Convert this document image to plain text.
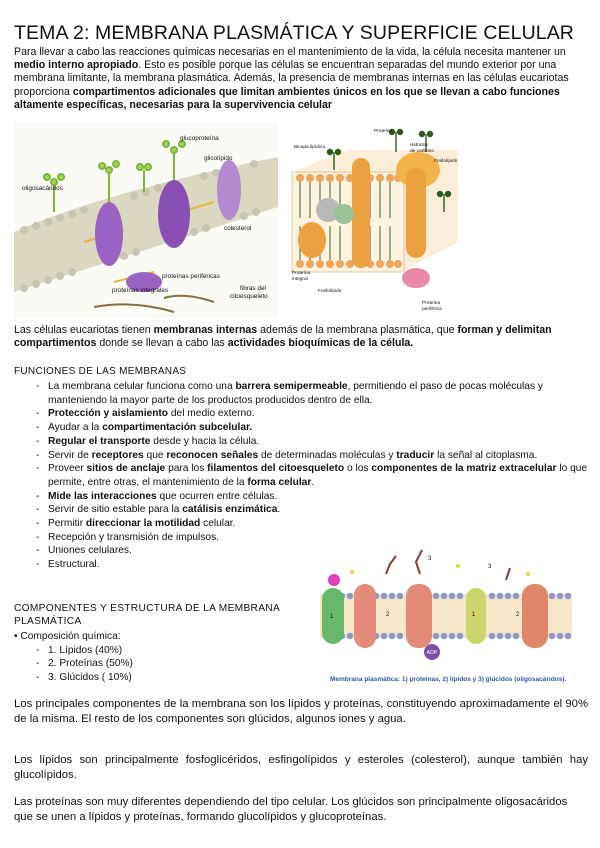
TEMA 2: MEMBRANA PLASMÁTICA Y SUPERFICIE CELULAR
Para llevar a cabo las reacciones químicas necesarias en el mantenimiento de la vida, la célula necesita mantener un medio interno apropiado. Esto es posible porque las células se encuentran separadas del mundo exterior por una membrana limitante, la membrana plasmática. Además, la presencia de membranas internas en las células eucariotas proporciona compartimentos adicionales que limitan ambientes únicos en los que se llevan a cabo funciones altamente específicas, necesarias para la supervivencia celular
glucoproteína
glicolípido
oligosacáridos
colesterol
proteínas periféricas
proteínas integrales	fibras del
citoesqueleto
Proteína
Bicapa lipídica	Hidratos
de carbono
Fosfolípido
Proteína
integral
Fosfolípido
Proteína
periférica
Las células eucariotas tienen membranas internas además de la membrana plasmática, que forman y delimitan compartimentos donde se llevan a cabo las actividades bioquímicas de la célula.
FUNCIONES DE LAS MEMBRANAS
- La membrana celular funciona como una barrera semipermeable, permitiendo el paso de pocas moléculas y manteniendo la mayor parte de los productos producidos dentro de ella.
- Protección y aislamiento del medio externo.
- Ayudar a la compartimentación subcelular.
- Regular el transporte desde y hacia la célula.
- Servir de receptores que reconocen señales de determinadas moléculas y traducir la señal al citoplasma.
- Proveer sitios de anclaje para los filamentos del citoesqueleto o los componentes de la matriz extracelular lo que permite, entre otras, el mantenimiento de la forma celular.
- Mide las interacciones que ocurren entre células.
- Servir de sitio estable para la catálisis enzimática.
- Permitir direccionar la motilidad celular.
- Recepción y transmisión de impulsos.
- Uniones celulares.
- Estructural.
COMPONENTES Y ESTRUCTURA DE LA MEMBRANA PLASMÁTICA
• Composición química:
- 1. Lípidos (40%)
- 2. Proteínas (50%)
- 3. Glúcidos ( 10%)
ADP
1	2
3
1
3
2
Membrana plasmática: 1) proteínas, 2) lípidos y 3) glúcidos (oligosacáridos).
Los principales componentes de la membrana son los lípidos y proteínas, constituyendo aproximadamente el 90% de la misma. El resto de los componentes son glúcidos, algunos iones y agua.
Los lípidos son principalmente fosfoglicéridos, esfingolípidos y esteroles (colesterol), aunque también hay glucolípidos.
Las proteínas son muy diferentes dependiendo del tipo celular. Los glúcidos son principalmente oligosacáridos que se unen a lípidos y proteínas, formando glucolípidos y glucoproteínas.
